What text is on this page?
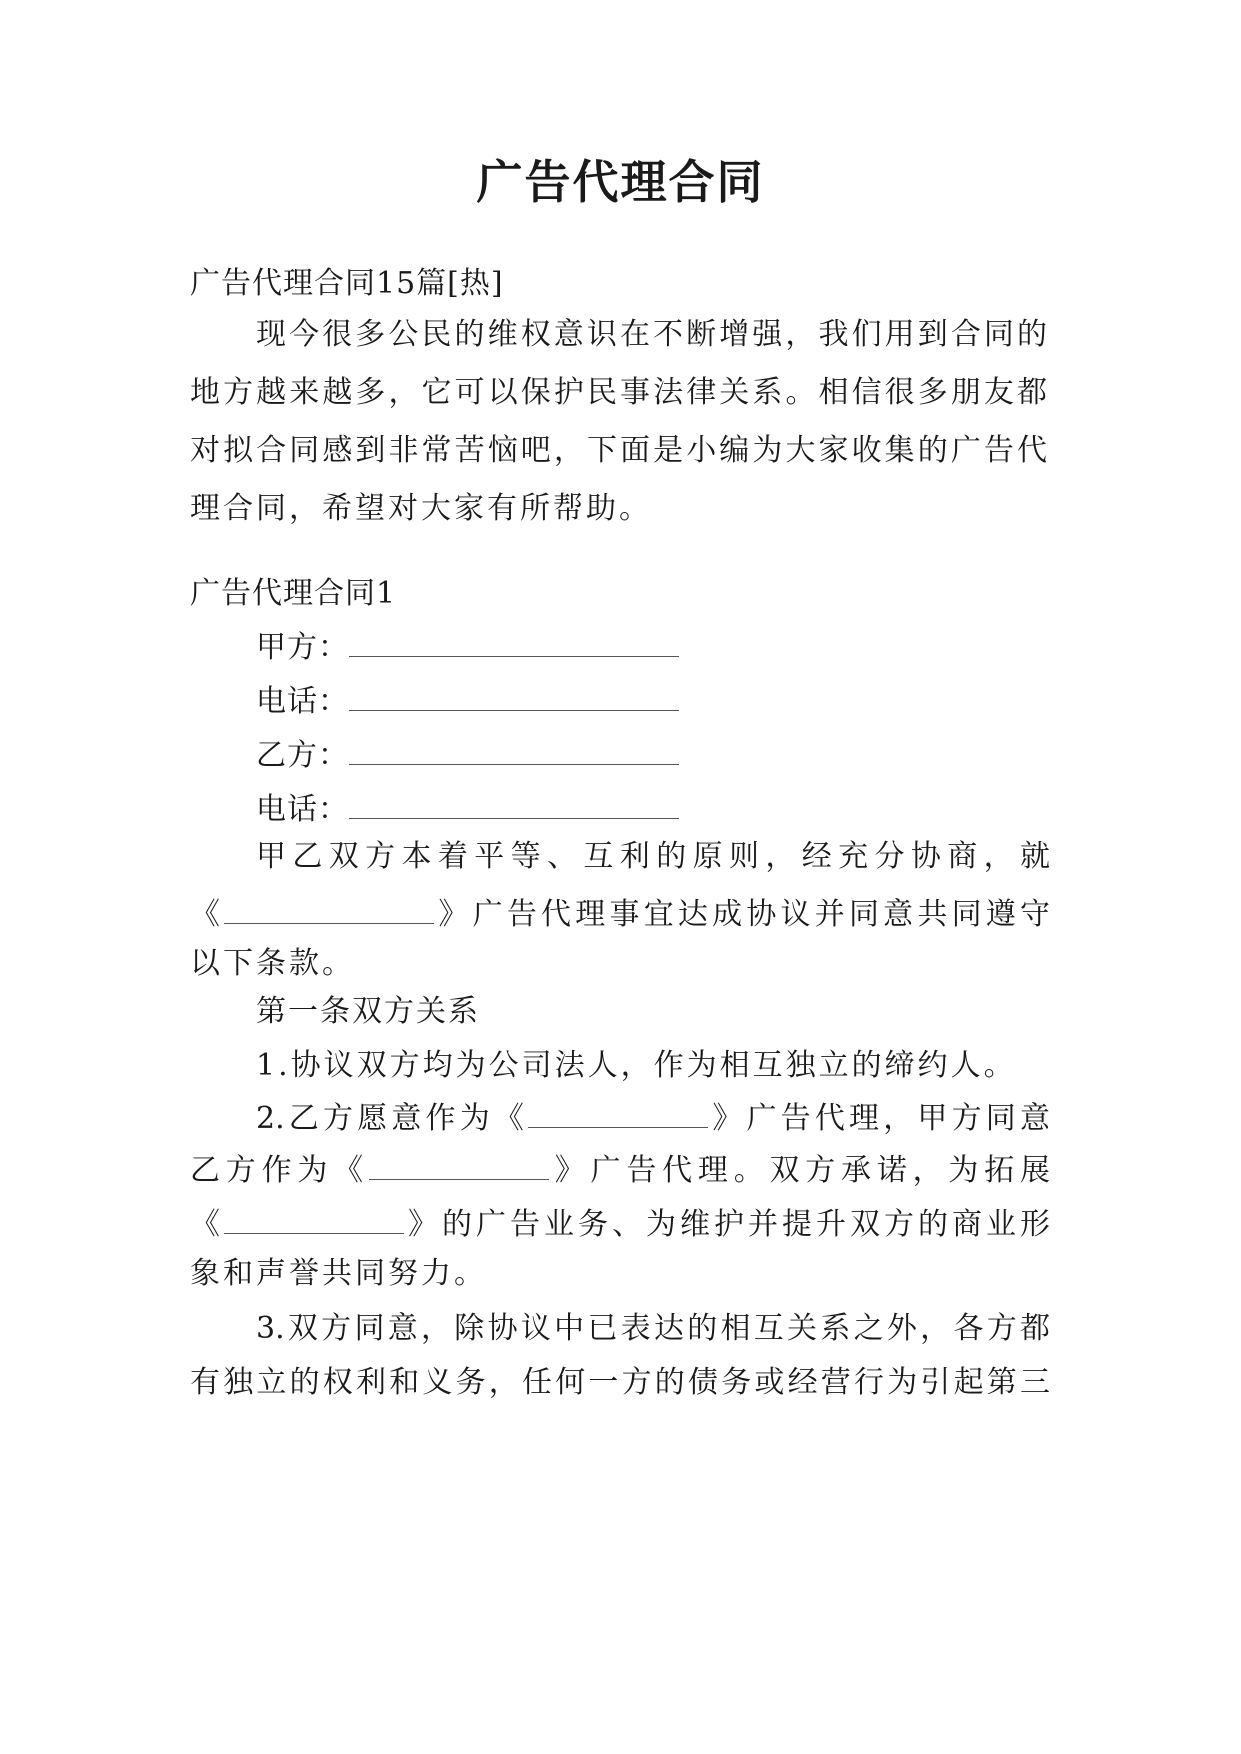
广告代理合同
广告代理合同15篇[热]
现今很多公民的维权意识在不断增强，我们用到合同的地方越来越多，它可以保护民事法律关系。相信很多朋友都对拟合同感到非常苦恼吧，下面是小编为大家收集的广告代理合同，希望对大家有所帮助。
广告代理合同1
甲方：
电话：
乙方：
电话：
甲乙双方本着平等、互利的原则，经充分协商，就
《	》广告代理事宜达成协议并同意共同遵守
以下条款。
第一条双方关系
1.协议双方均为公司法人，作为相互独立的缔约人。
2.乙方愿意作为《	》广告代理，甲方同意
乙方作为《	》广告代理。双方承诺，为拓展
《	》的广告业务、为维护并提升双方的商业形
象和声誉共同努力。
3.双方同意，除协议中已表达的相互关系之外，各方都
有独立的权利和义务，任何一方的债务或经营行为引起第三
